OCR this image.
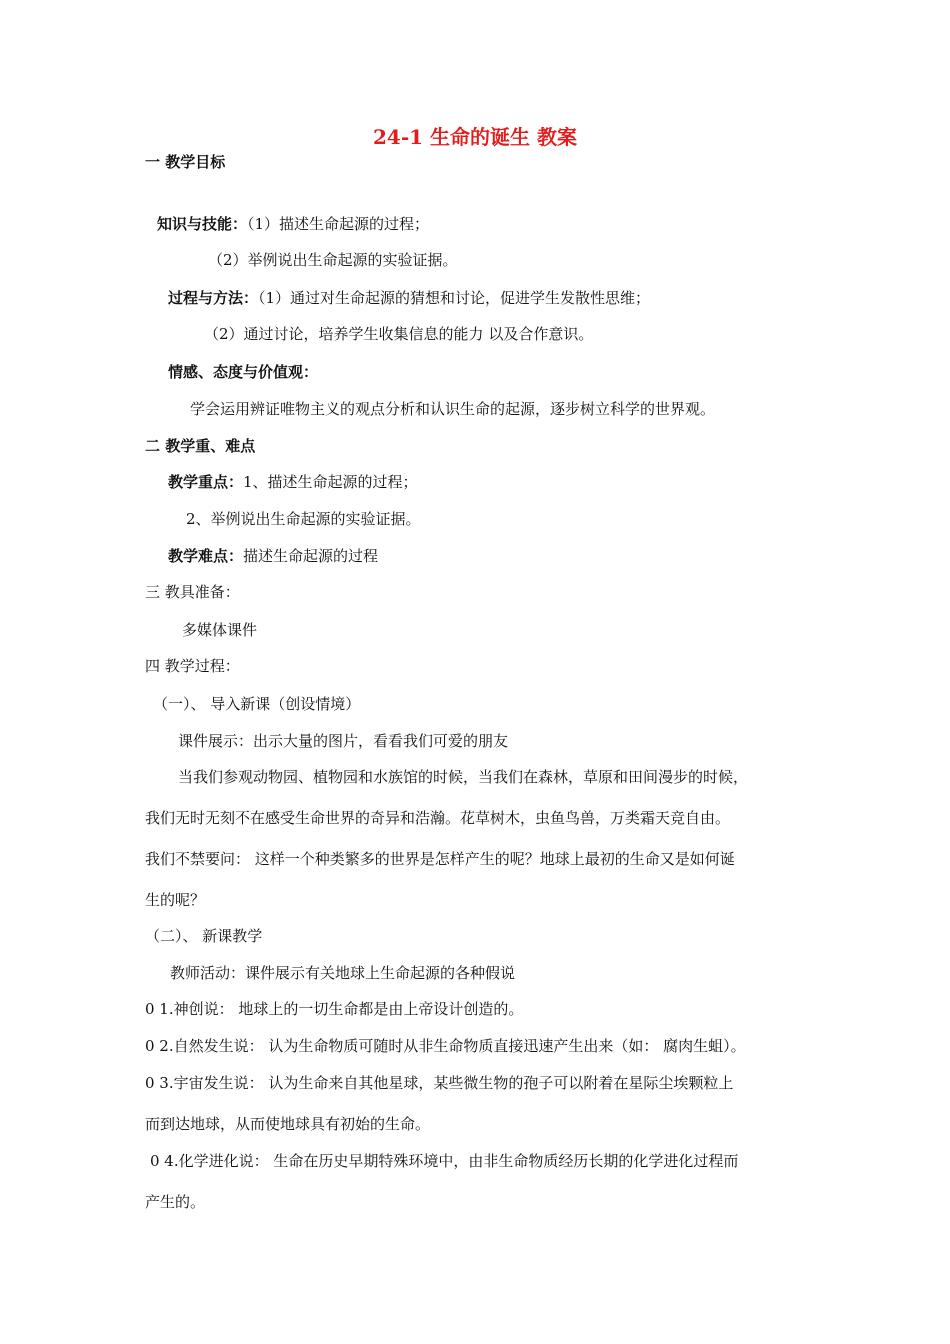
24-1 生命的诞生 教案
一 教学目标
知识与技能：（1）描述生命起源的过程；
（2）举例说出生命起源的实验证据。
过程与方法：（1）通过对生命起源的猜想和讨论，促进学生发散性思维；
（2）通过讨论，培养学生收集信息的能力 以及合作意识。
情感、态度与价值观：
学会运用辨证唯物主义的观点分析和认识生命的起源，逐步树立科学的世界观。
二 教学重、难点
教学重点：1、描述生命起源的过程；
2、举例说出生命起源的实验证据。
教学难点：描述生命起源的过程
三 教具准备：
多媒体课件
四 教学过程：
（一）、 导入新课（创设情境）
课件展示：出示大量的图片，看看我们可爱的朋友
当我们参观动物园、植物园和水族馆的时候，当我们在森林，草原和田间漫步的时候，
我们无时无刻不在感受生命世界的奇异和浩瀚。花草树木，虫鱼鸟兽，万类霜天竞自由。
我们不禁要问： 这样一个种类繁多的世界是怎样产生的呢？地球上最初的生命又是如何诞
生的呢？
（二）、 新课教学
教师活动：课件展示有关地球上生命起源的各种假说
0 1.神创说： 地球上的一切生命都是由上帝设计创造的。
0 2.自然发生说： 认为生命物质可随时从非生命物质直接迅速产生出来（如： 腐肉生蛆）。
0 3.宇宙发生说： 认为生命来自其他星球，某些微生物的孢子可以附着在星际尘埃颗粒上
而到达地球，从而使地球具有初始的生命。
0 4.化学进化说： 生命在历史早期特殊环境中，由非生命物质经历长期的化学进化过程而
产生的。
